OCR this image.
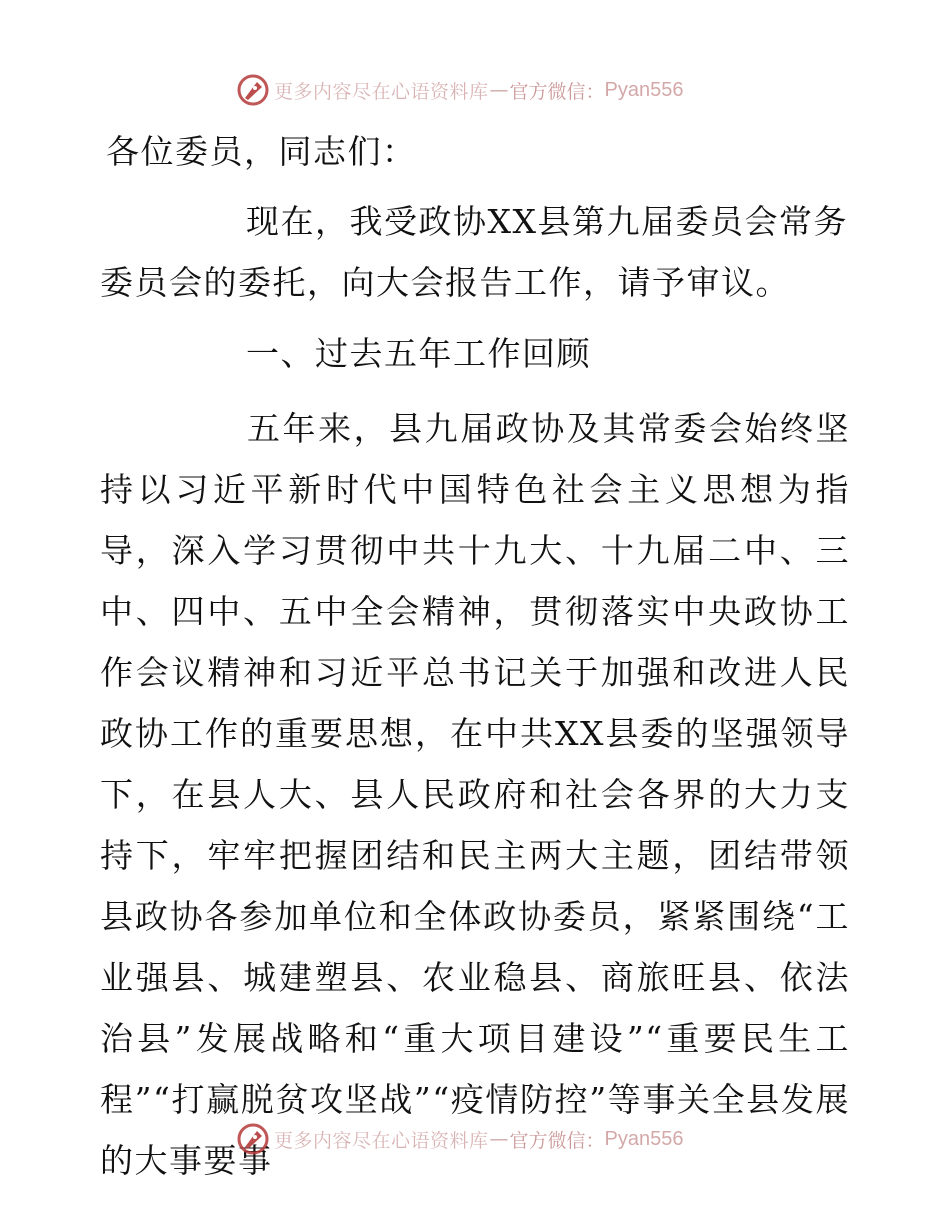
更多内容尽在心语资料库 — 官方微信： Pyan556

各位委员，同志们：

现在，我受政协XX县第九届委员会常务委员会的委托，向大会报告工作，请予审议。

一、过去五年工作回顾

五年来，县九届政协及其常委会始终坚持以习近平新时代中国特色社会主义思想为指导，深入学习贯彻中共十九大、十九届二中、三中、四中、五中全会精神，贯彻落实中央政协工作会议精神和习近平总书记关于加强和改进人民政协工作的重要思想，在中共XX县委的坚强领导下，在县人大、县人民政府和社会各界的大力支持下，牢牢把握团结和民主两大主题，团结带领县政协各参加单位和全体政协委员，紧紧围绕“工业强县、城建塑县、农业稳县、商旅旺县、依法治县”发展战略和“重大项目建设”“重要民生工程”“打赢脱贫攻坚战”“疫情防控”等事关全县发展的大事要事

更多内容尽在心语资料库 — 官方微信： Pyan556
